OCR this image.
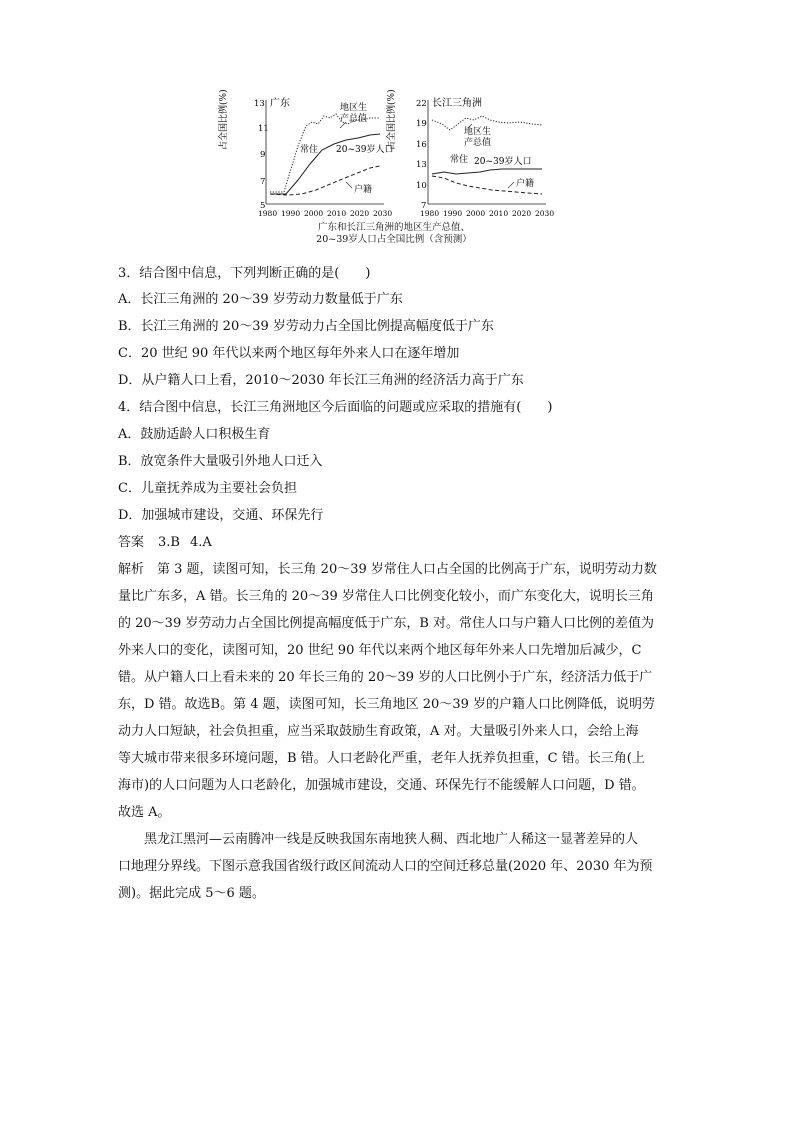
占全国比例(%)	13
11
9
7
5
1980 1990 2000 2010 2020 2030
广东	地区生
产总值
常住 20~39岁人口
户籍
占全国比例(%) 22
19
16
13
10
7
1980 1990 2000 2010 2020 2030
长江三角洲
地区生
产总值
常住 20~39岁人口
户籍
广东和长江三角洲的地区生产总值、
20~39岁人口占全国比例（含预测）
3．结合图中信息，下列判断正确的是(　　)
A．长江三角洲的 20～39 岁劳动力数量低于广东
B．长江三角洲的 20～39 岁劳动力占全国比例提高幅度低于广东
C．20 世纪 90 年代以来两个地区每年外来人口在逐年增加
D．从户籍人口上看，2010～2030 年长江三角洲的经济活力高于广东
4．结合图中信息，长江三角洲地区今后面临的问题或应采取的措施有(　　)
A．鼓励适龄人口积极生育
B．放宽条件大量吸引外地人口迁入
C．儿童抚养成为主要社会负担
D．加强城市建设，交通、环保先行
答案 3.B 4.A
解析　第 3 题，读图可知，长三角 20～39 岁常住人口占全国的比例高于广东，说明劳动力数
量比广东多，A 错。长三角的 20～39 岁常住人口比例变化较小，而广东变化大，说明长三角
的 20～39 岁劳动力占全国比例提高幅度低于广东，B 对。常住人口与户籍人口比例的差值为
外来人口的变化，读图可知，20 世纪 90 年代以来两个地区每年外来人口先增加后减少，C
错。从户籍人口上看未来的 20 年长三角的 20～39 岁的人口比例小于广东，经济活力低于广
东，D 错。故选B。第 4 题，读图可知，长三角地区 20～39 岁的户籍人口比例降低，说明劳
动力人口短缺，社会负担重，应当采取鼓励生育政策，A 对。大量吸引外来人口，会给上海
等大城市带来很多环境问题，B 错。人口老龄化严重，老年人抚养负担重，C 错。长三角(上
海市)的人口问题为人口老龄化，加强城市建设，交通、环保先行不能缓解人口问题，D 错。
故选 A。
黑龙江黑河—云南腾冲一线是反映我国东南地狭人稠、西北地广人稀这一显著差异的人
口地理分界线。下图示意我国省级行政区间流动人口的空间迁移总量(2020 年、2030 年为预
测)。据此完成 5～6 题。
